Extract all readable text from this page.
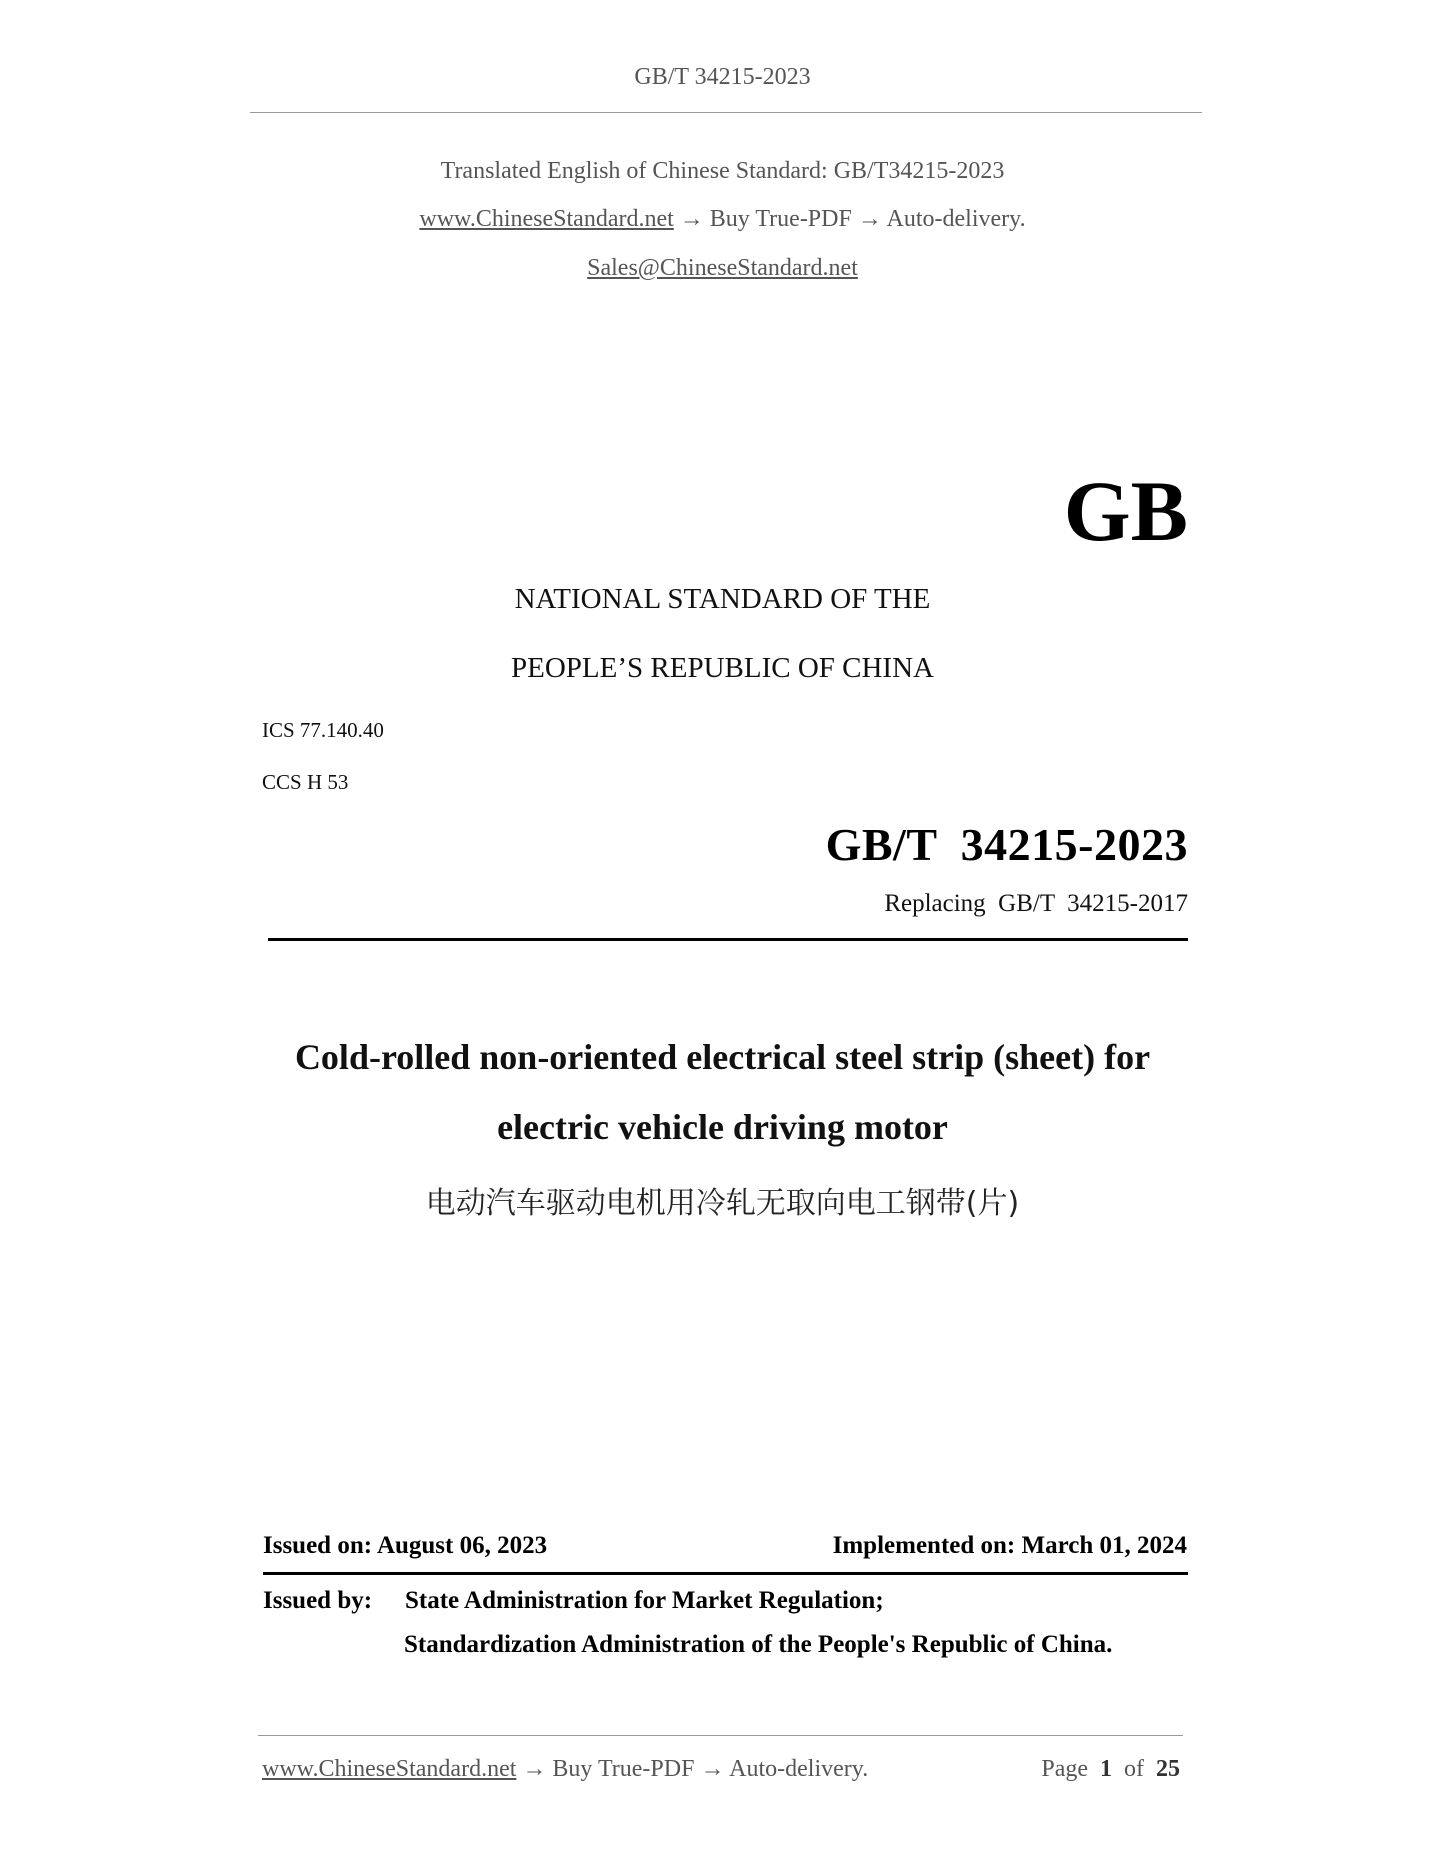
GB/T 34215-2023
Translated English of Chinese Standard: GB/T34215-2023
www.ChineseStandard.net → Buy True-PDF → Auto-delivery.
Sales@ChineseStandard.net
GB
NATIONAL STANDARD OF THE
PEOPLE’S REPUBLIC OF CHINA
ICS 77.140.40
CCS H 53
GB/T  34215-2023
Replacing  GB/T  34215-2017
Cold-rolled non-oriented electrical steel strip (sheet) for
electric vehicle driving motor
电动汽车驱动电机用冷轧无取向电工钢带(片)
Issued on: August 06, 2023	Implemented on: March 01, 2024
Issued by: State Administration for Market Regulation;
Standardization Administration of the People's Republic of China.
www.ChineseStandard.net → Buy True-PDF → Auto-delivery.	Page 1 of 25
